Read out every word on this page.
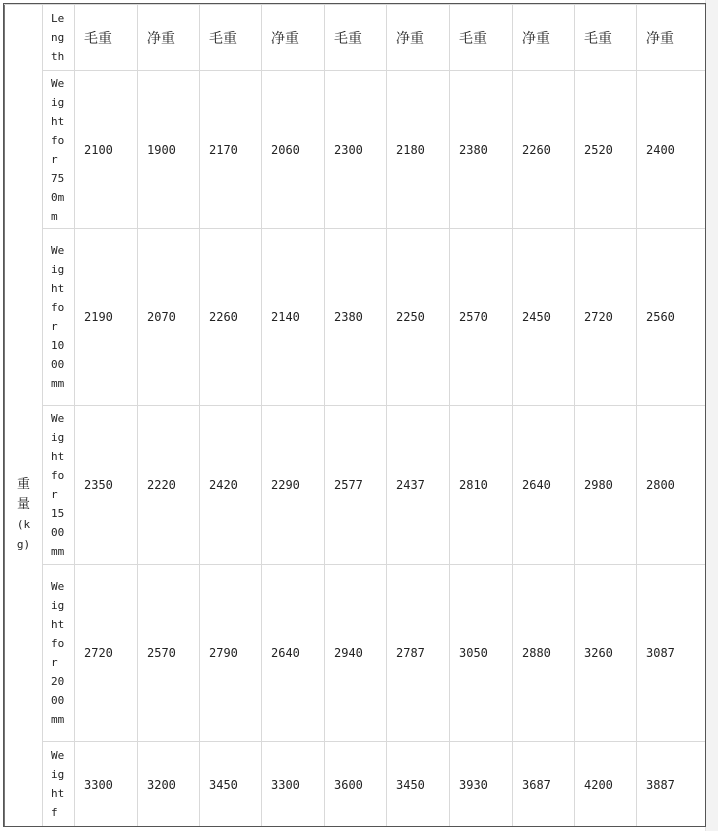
重量(kg)	Length	毛重	净重	毛重	净重	毛重	净重	毛重	净重	毛重	净重

	Weight for 750mm	2100	1900	2170	2060	2300	2180	2380	2260	2520	2400

	Weight for 1000mm	2190	2070	2260	2140	2380	2250	2570	2450	2720	2560

	Weight for 1500mm	2350	2220	2420	2290	2577	2437	2810	2640	2980	2800

	Weight for 2000mm	2720	2570	2790	2640	2940	2787	3050	2880	3260	3087

	Weight f	3300	3200	3450	3300	3600	3450	3930	3687	4200	3887
